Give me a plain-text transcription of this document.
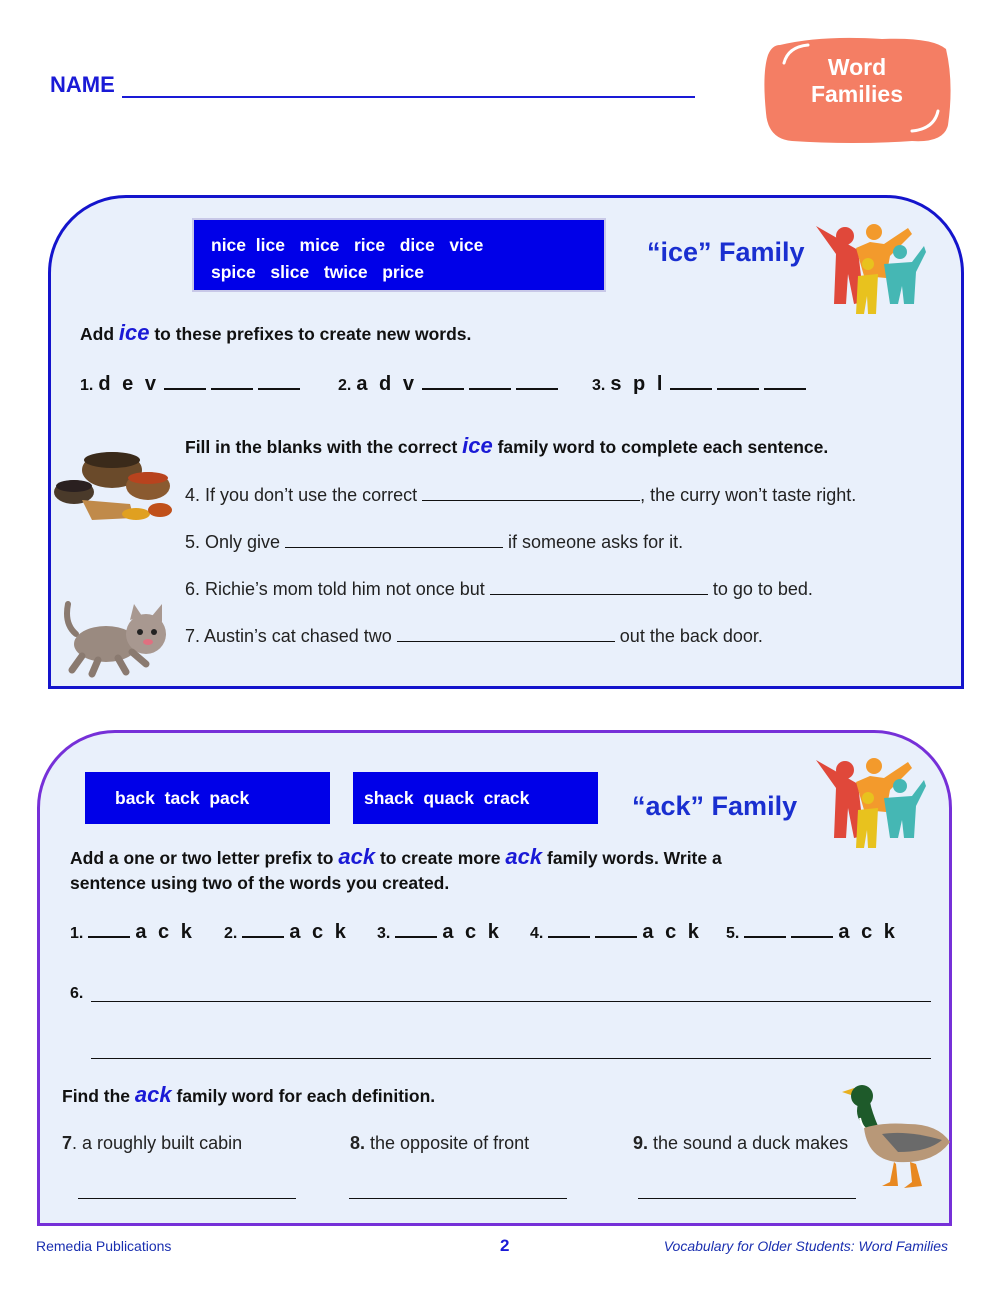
NAME
Word
Families
nice  lice   mice   rice   dice   vice
spice   slice   twice   price
“ice” Family
Add ice to these prefixes to create new words.
1. d e v	2. a d v	3. s p l
Fill in the blanks with the correct ice family word to complete each sentence.
4. If you don’t use the correct	, the curry won’t taste right.
5. Only give	if someone asks for it.
6. Richie’s mom told him not once but	to go to bed.
7. Austin’s cat chased two	out the back door.
back  tack  pack	shack  quack  crack	“ack” Family
Add a one or two letter prefix to ack to create more ack family words. Write a
sentence using two of the words you created.
1.	a c k 2.	a c k 3.	a c k 4.	a c k 5.	a c k
6.
Find the ack family word for each definition.
7. a roughly built cabin	8. the opposite of front	9. the sound a duck makes
Remedia Publications	2	Vocabulary for Older Students: Word Families
